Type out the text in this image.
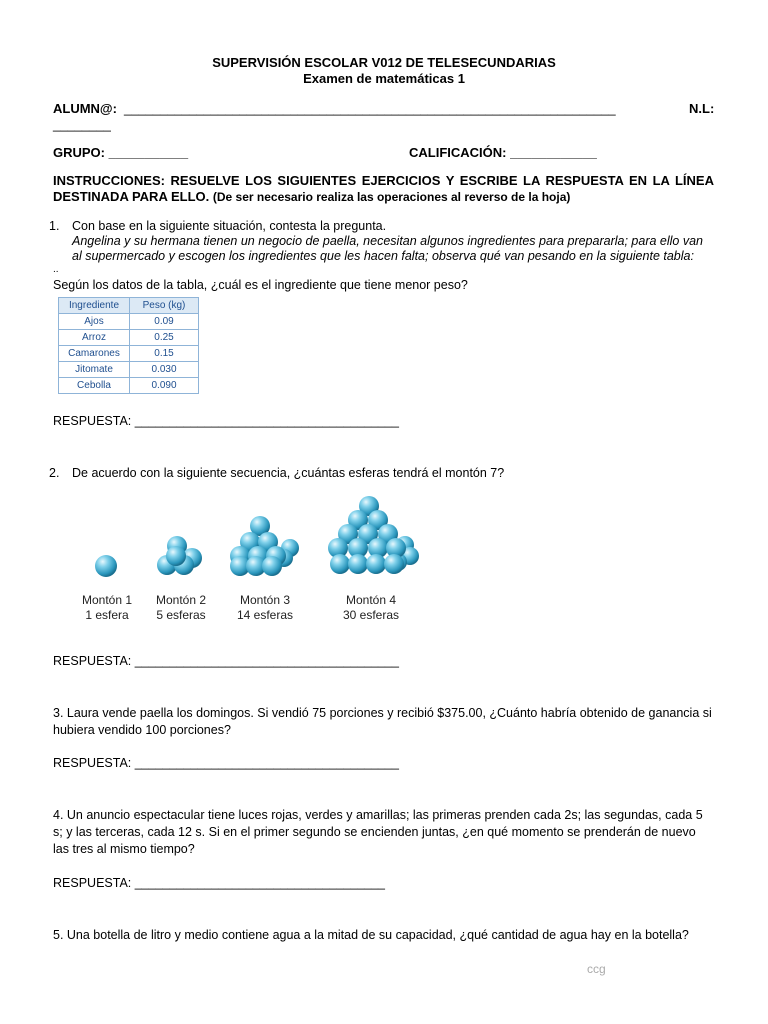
SUPERVISIÓN ESCOLAR V012 DE TELESECUNDARIAS
Examen de matemáticas 1
ALUMN@: ____________________________________________________________________	N.L:
________
GRUPO: ___________	CALIFICACIÓN: ____________
INSTRUCCIONES: RESUELVE LOS SIGUIENTES EJERCICIOS Y ESCRIBE LA RESPUESTA EN LA LÍNEA
DESTINADA PARA ELLO. (De ser necesario realiza las operaciones al reverso de la hoja)
1. Con base en la siguiente situación, contesta la pregunta.
Angelina y su hermana tienen un negocio de paella, necesitan algunos ingredientes para prepararla; para ello van
al supermercado y escogen los ingredientes que les hacen falta; observa qué van pesando en la siguiente tabla:
..
Según los datos de la tabla, ¿cuál es el ingrediente que tiene menor peso?
Ingrediente	Peso (kg)
Ajos	0.09
Arroz	0.25
Camarones	0.15
Jitomate	0.030
Cebolla	0.090
RESPUESTA: ______________________________________
2. De acuerdo con la siguiente secuencia, ¿cuántas esferas tendrá el montón 7?
Montón 1
1 esfera
Montón 2
5 esferas
Montón 3
14 esferas
Montón 4
30 esferas
RESPUESTA: ______________________________________
3. Laura vende paella los domingos. Si vendió 75 porciones y recibió $375.00, ¿Cuánto habría obtenido de ganancia si
hubiera vendido 100 porciones?
RESPUESTA: ______________________________________
4. Un anuncio espectacular tiene luces rojas, verdes y amarillas; las primeras prenden cada 2s; las segundas, cada 5
s; y las terceras, cada 12 s. Si en el primer segundo se encienden juntas, ¿en qué momento se prenderán de nuevo
las tres al mismo tiempo?
RESPUESTA: ____________________________________
5. Una botella de litro y medio contiene agua a la mitad de su capacidad, ¿qué cantidad de agua hay en la botella?
ccg
